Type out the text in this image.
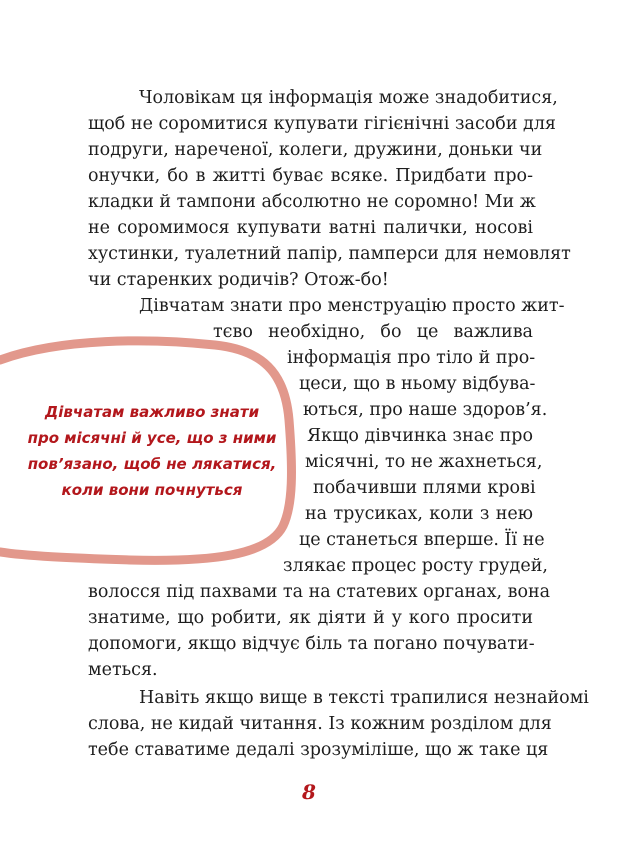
Чоловікам ця інформація може знадобитися,
щоб не соромитися купувати гігієнічні засоби для
подруги, нареченої, колеги, дружини, доньки чи
онучки, бо в житті буває всяке. Придбати про-
кладки й тампони абсолютно не соромно! Ми ж
не соромимося купувати ватні палички, носові
хустинки, туалетний папір, памперси для немовлят
чи старенких родичів? Отож-бо!
Дівчатам знати про менструацію просто жит-
тєво необхідно, бо це важлива
інформація про тіло й про-
цеси, що в ньому відбува-
ються, про наше здоров’я.
Якщо дівчинка знає про
місячні, то не жахнеться,
побачивши плями крові
на трусиках, коли з нею
це станеться вперше. Її не
злякає процес росту грудей,
волосся під пахвами та на статевих органах, вона
знатиме, що робити, як діяти й у кого просити
допомоги, якщо відчує біль та погано почувати-
меться.
Навіть якщо вище в тексті трапилися незнайомі
слова, не кидай читання. Із кожним розділом для
тебе ставатиме дедалі зрозуміліше, що ж таке ця
Дівчатам важливо знати
про місячні й усе, що з ними
пов’язано, щоб не лякатися,
коли вони почнуться
8
